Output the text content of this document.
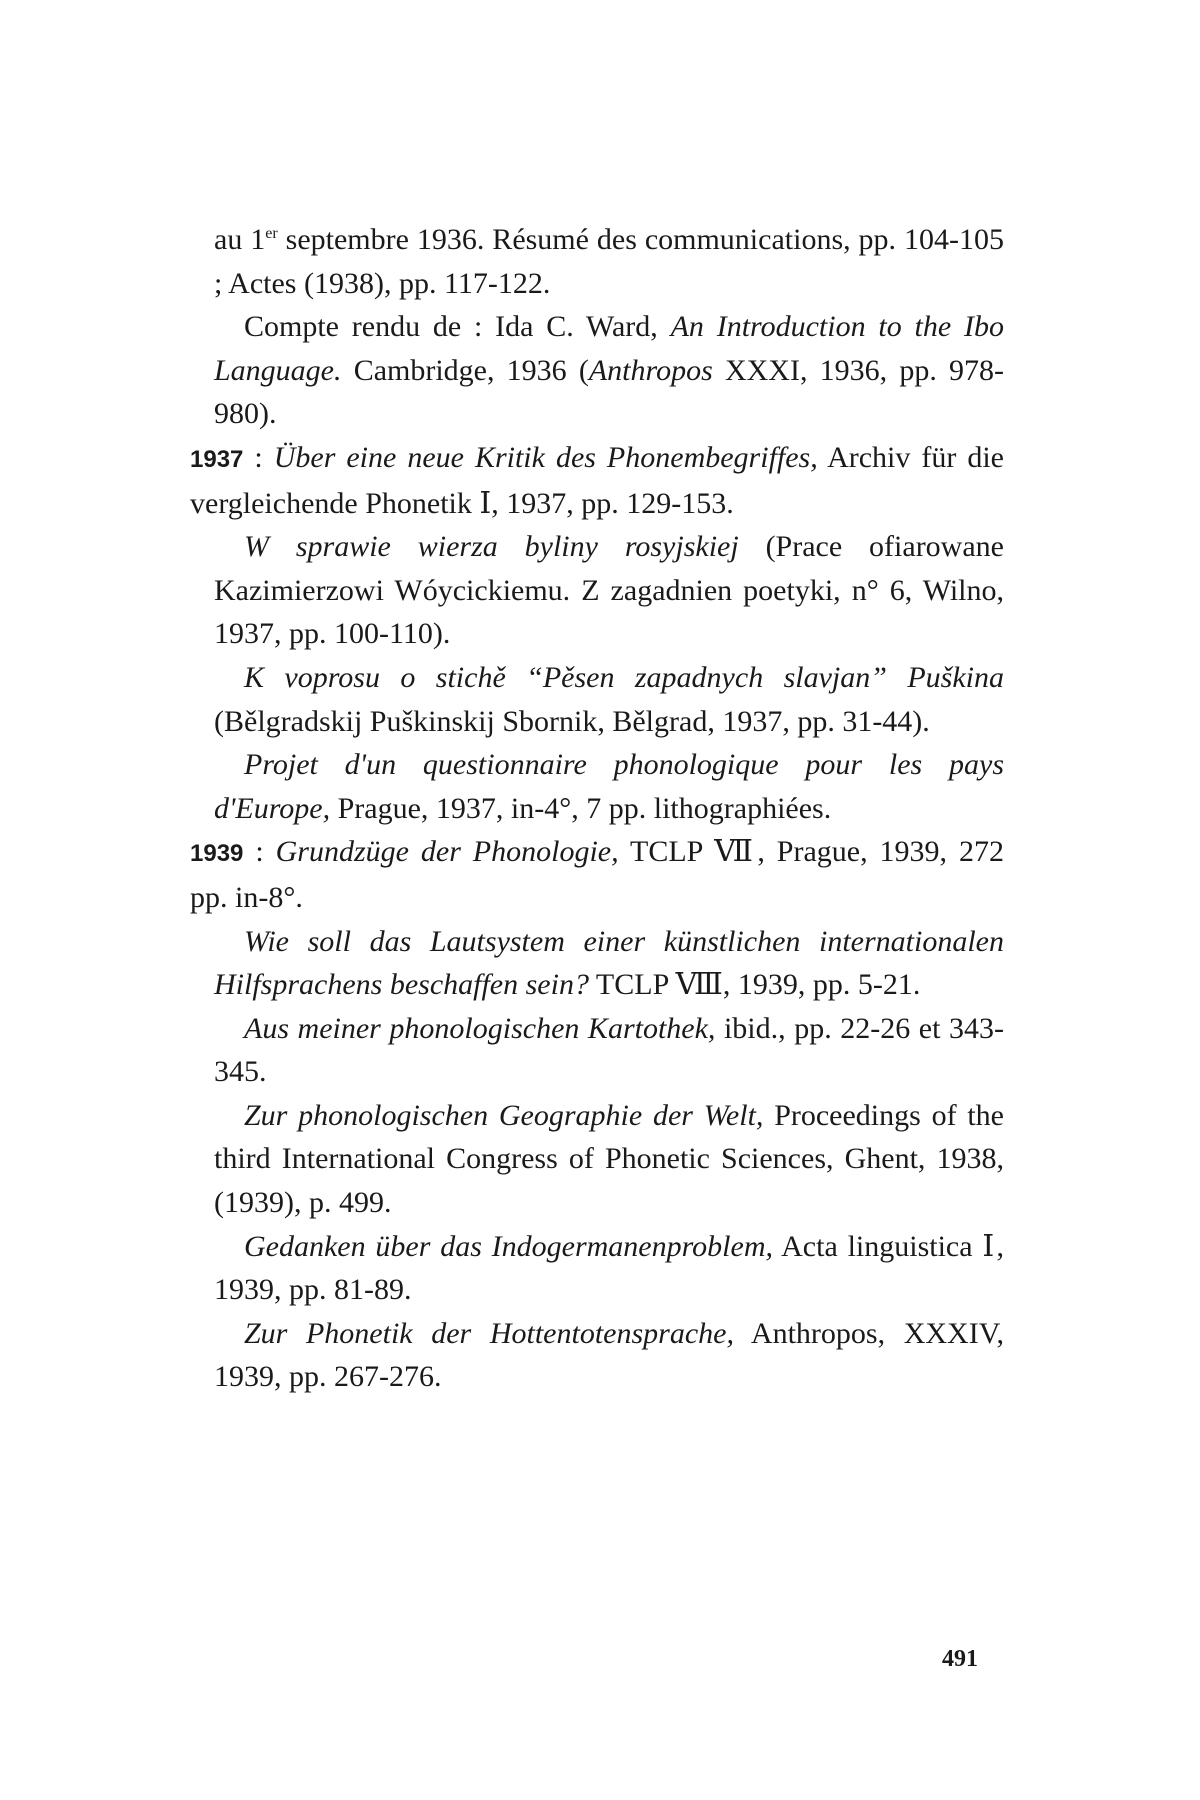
au 1er septembre 1936. Résumé des communications, pp. 104-105 ; Actes (1938), pp. 117-122.

Compte rendu de : Ida C. Ward, An Introduction to the Ibo Language. Cambridge, 1936 (Anthropos XXXI, 1936, pp. 978-980).

1937 : Über eine neue Kritik des Phonembegriffes, Archiv für die vergleichende Phonetik Ⅰ, 1937, pp. 129-153.

W sprawie wierza byliny rosyjskiej (Prace ofiarowane Kazimierzowi Wóycickiemu. Z zagadnien poetyki, n° 6, Wilno, 1937, pp. 100-110).

K voprosu o stichě “Pěsen zapadnych slavjan” Puškina (Bělgradskij Puškinskij Sbornik, Bělgrad, 1937, pp. 31-44).

Projet d'un questionnaire phonologique pour les pays d'Europe, Prague, 1937, in-4°, 7 pp. lithographiées.

1939 : Grundzüge der Phonologie, TCLP Ⅶ, Prague, 1939, 272 pp. in-8°.

Wie soll das Lautsystem einer künstlichen internationalen Hilfsprachens beschaffen sein? TCLP Ⅷ, 1939, pp. 5-21.

Aus meiner phonologischen Kartothek, ibid., pp. 22-26 et 343-345.

Zur phonologischen Geographie der Welt, Proceedings of the third International Congress of Phonetic Sciences, Ghent, 1938, (1939), p. 499.

Gedanken über das Indogermanenproblem, Acta linguistica Ⅰ, 1939, pp. 81-89.

Zur Phonetik der Hottentotensprache, Anthropos, XXXIV, 1939, pp. 267-276.

491
